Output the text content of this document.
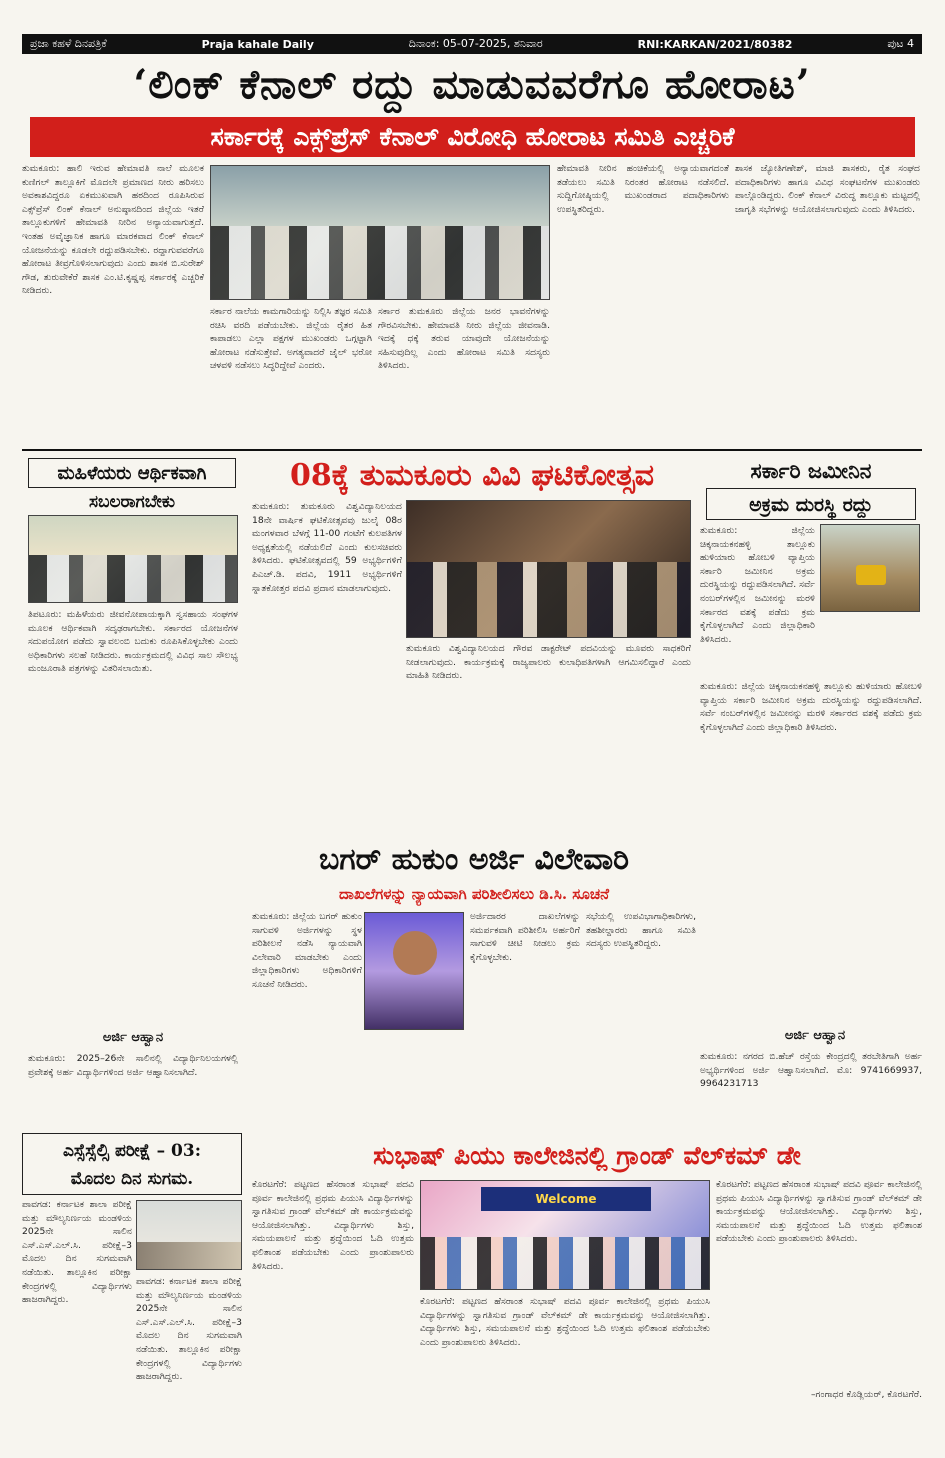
ಪ್ರಜಾ ಕಹಳೆ ದಿನಪತ್ರಿಕೆ	Praja kahale Daily	ದಿನಾಂಕ: 05-07-2025, ಶನಿವಾರ	RNI:KARKAN/2021/80382	ಪುಟ 4
‘ಲಿಂಕ್ ಕೆನಾಲ್ ರದ್ದು ಮಾಡುವವರೆಗೂ ಹೋರಾಟ’
ಸರ್ಕಾರಕ್ಕೆ ಎಕ್ಸ್‌ಪ್ರೆಸ್ ಕೆನಾಲ್ ವಿರೋಧಿ ಹೋರಾಟ ಸಮಿತಿ ಎಚ್ಚರಿಕೆ
ತುಮಕೂರು: ಹಾಲಿ ಇರುವ ಹೇಮಾವತಿ ನಾಲೆ ಮೂಲಕ ಕುಣಿಗಲ್ ತಾಲ್ಲೂಕಿಗೆ ಮೊದಲೇ ಪ್ರಮಾಣದ ನೀರು ಹರಿಸಲು ಅವಕಾಶವಿದ್ದರೂ ಏಕಮುಖವಾಗಿ ಹಠದಿಂದ ರೂಪಿಸಿರುವ ಎಕ್ಸ್‌ಪ್ರೆಸ್ ಲಿಂಕ್ ಕೆನಾಲ್ ಅನುಷ್ಠಾನದಿಂದ ಜಿಲ್ಲೆಯ ಇತರೆ ತಾಲ್ಲೂಕುಗಳಿಗೆ ಹೇಮಾವತಿ ನೀರಿನ ಅನ್ಯಾಯವಾಗುತ್ತದೆ. ಇಂತಹ ಅವೈಜ್ಞಾನಿಕ ಹಾಗೂ ಮಾರಕವಾದ ಲಿಂಕ್ ಕೆನಾಲ್ ಯೋಜನೆಯನ್ನು ಕೂಡಲೇ ರದ್ದುಪಡಿಸಬೇಕು. ರದ್ದಾಗುವವರೆಗೂ ಹೋರಾಟ ತೀವ್ರಗೊಳಿಸಲಾಗುವುದು ಎಂದು ಶಾಸಕ ಬಿ.ಸುರೇಶ್ ಗೌಡ, ತುರುವೇಕೆರೆ ಶಾಸಕ ಎಂ.ಟಿ.ಕೃಷ್ಣಪ್ಪ ಸರ್ಕಾರಕ್ಕೆ ಎಚ್ಚರಿಕೆ ನೀಡಿದರು.
ಸರ್ಕಾರ ನಾಲೆಯ ಕಾಮಗಾರಿಯನ್ನು ನಿಲ್ಲಿಸಿ ತಜ್ಞರ ಸಮಿತಿ ರಚಿಸಿ ವರದಿ ಪಡೆಯಬೇಕು. ಜಿಲ್ಲೆಯ ರೈತರ ಹಿತ ಕಾಪಾಡಲು ಎಲ್ಲಾ ಪಕ್ಷಗಳ ಮುಖಂಡರು ಒಗ್ಗಟ್ಟಾಗಿ ಹೋರಾಟ ನಡೆಸುತ್ತೇವೆ. ಅಗತ್ಯವಾದರೆ ಜೈಲ್ ಭರೋ ಚಳವಳಿ ನಡೆಸಲು ಸಿದ್ಧರಿದ್ದೇವೆ ಎಂದರು.
ಸರ್ಕಾರ ತುಮಕೂರು ಜಿಲ್ಲೆಯ ಜನರ ಭಾವನೆಗಳನ್ನು ಗೌರವಿಸಬೇಕು. ಹೇಮಾವತಿ ನೀರು ಜಿಲ್ಲೆಯ ಜೀವನಾಡಿ. ಇದಕ್ಕೆ ಧಕ್ಕೆ ತರುವ ಯಾವುದೇ ಯೋಜನೆಯನ್ನು ಸಹಿಸುವುದಿಲ್ಲ ಎಂದು ಹೋರಾಟ ಸಮಿತಿ ಸದಸ್ಯರು ತಿಳಿಸಿದರು.
ಹೇಮಾವತಿ ನೀರಿನ ಹಂಚಿಕೆಯಲ್ಲಿ ಅನ್ಯಾಯವಾಗದಂತೆ ತಡೆಯಲು ಸಮಿತಿ ನಿರಂತರ ಹೋರಾಟ ನಡೆಸಲಿದೆ. ಸುದ್ದಿಗೋಷ್ಠಿಯಲ್ಲಿ ಮುಖಂಡರಾದ ಪದಾಧಿಕಾರಿಗಳು ಉಪಸ್ಥಿತರಿದ್ದರು.
ಶಾಸಕ ಜ್ಯೋತಿಗಣೇಶ್, ಮಾಜಿ ಶಾಸಕರು, ರೈತ ಸಂಘದ ಪದಾಧಿಕಾರಿಗಳು ಹಾಗೂ ವಿವಿಧ ಸಂಘಟನೆಗಳ ಮುಖಂಡರು ಪಾಲ್ಗೊಂಡಿದ್ದರು. ಲಿಂಕ್ ಕೆನಾಲ್ ವಿರುದ್ಧ ತಾಲ್ಲೂಕು ಮಟ್ಟದಲ್ಲಿ ಜಾಗೃತಿ ಸಭೆಗಳನ್ನು ಆಯೋಜಿಸಲಾಗುವುದು ಎಂದು ತಿಳಿಸಿದರು.
ಮಹಿಳೆಯರು ಆರ್ಥಿಕವಾಗಿ
ಸಬಲರಾಗಬೇಕು
ತಿಪಟೂರು: ಮಹಿಳೆಯರು ಜೀವನೋಪಾಯಕ್ಕಾಗಿ ಸ್ವಸಹಾಯ ಸಂಘಗಳ ಮೂಲಕ ಆರ್ಥಿಕವಾಗಿ ಸದೃಢರಾಗಬೇಕು. ಸರ್ಕಾರದ ಯೋಜನೆಗಳ ಸದುಪಯೋಗ ಪಡೆದು ಸ್ವಾವಲಂಬಿ ಬದುಕು ರೂಪಿಸಿಕೊಳ್ಳಬೇಕು ಎಂದು ಅಧಿಕಾರಿಗಳು ಸಲಹೆ ನೀಡಿದರು. ಕಾರ್ಯಕ್ರಮದಲ್ಲಿ ವಿವಿಧ ಸಾಲ ಸೌಲಭ್ಯ ಮಂಜೂರಾತಿ ಪತ್ರಗಳನ್ನು ವಿತರಿಸಲಾಯಿತು.
ಅರ್ಜಿ ಆಹ್ವಾನ
ತುಮಕೂರು: 2025–26ನೇ ಸಾಲಿನಲ್ಲಿ ವಿದ್ಯಾರ್ಥಿನಿಲಯಗಳಲ್ಲಿ ಪ್ರವೇಶಕ್ಕೆ ಅರ್ಹ ವಿದ್ಯಾರ್ಥಿಗಳಿಂದ ಅರ್ಜಿ ಆಹ್ವಾನಿಸಲಾಗಿದೆ.
ಎಸ್ಸೆಸ್ಸೆಲ್ಸಿ ಪರೀಕ್ಷೆ – 03:
ಮೊದಲ ದಿನ ಸುಗಮ.
ಪಾವಗಡ: ಕರ್ನಾಟಕ ಶಾಲಾ ಪರೀಕ್ಷೆ ಮತ್ತು ಮೌಲ್ಯನಿರ್ಣಯ ಮಂಡಳಿಯ 2025ನೇ ಸಾಲಿನ ಎಸ್.ಎಸ್.ಎಲ್.ಸಿ. ಪರೀಕ್ಷೆ–3 ಮೊದಲ ದಿನ ಸುಗಮವಾಗಿ ನಡೆಯಿತು. ತಾಲ್ಲೂಕಿನ ಪರೀಕ್ಷಾ ಕೇಂದ್ರಗಳಲ್ಲಿ ವಿದ್ಯಾರ್ಥಿಗಳು ಹಾಜರಾಗಿದ್ದರು.
ಪಾವಗಡ: ಕರ್ನಾಟಕ ಶಾಲಾ ಪರೀಕ್ಷೆ ಮತ್ತು ಮೌಲ್ಯನಿರ್ಣಯ ಮಂಡಳಿಯ 2025ನೇ ಸಾಲಿನ ಎಸ್.ಎಸ್.ಎಲ್.ಸಿ. ಪರೀಕ್ಷೆ–3 ಮೊದಲ ದಿನ ಸುಗಮವಾಗಿ ನಡೆಯಿತು. ತಾಲ್ಲೂಕಿನ ಪರೀಕ್ಷಾ ಕೇಂದ್ರಗಳಲ್ಲಿ ವಿದ್ಯಾರ್ಥಿಗಳು ಹಾಜರಾಗಿದ್ದರು.
08ಕ್ಕೆ ತುಮಕೂರು ವಿವಿ ಘಟಿಕೋತ್ಸವ
ತುಮಕೂರು: ತುಮಕೂರು ವಿಶ್ವವಿದ್ಯಾನಿಲಯದ 18ನೇ ವಾರ್ಷಿಕ ಘಟಿಕೋತ್ಸವವು ಜುಲೈ 08ರ ಮಂಗಳವಾರ ಬೆಳಗ್ಗೆ 11-00 ಗಂಟೆಗೆ ಕುಲಪತಿಗಳ ಅಧ್ಯಕ್ಷತೆಯಲ್ಲಿ ನಡೆಯಲಿದೆ ಎಂದು ಕುಲಸಚಿವರು ತಿಳಿಸಿದರು. ಘಟಿಕೋತ್ಸವದಲ್ಲಿ 59 ಅಭ್ಯರ್ಥಿಗಳಿಗೆ ಪಿಎಚ್.ಡಿ. ಪದವಿ, 1911 ಅಭ್ಯರ್ಥಿಗಳಿಗೆ ಸ್ನಾತಕೋತ್ತರ ಪದವಿ ಪ್ರದಾನ ಮಾಡಲಾಗುವುದು.
ತುಮಕೂರು ವಿಶ್ವವಿದ್ಯಾನಿಲಯದ ಗೌರವ ಡಾಕ್ಟರೇಟ್ ಪದವಿಯನ್ನು ಮೂವರು ಸಾಧಕರಿಗೆ ನೀಡಲಾಗುವುದು. ಕಾರ್ಯಕ್ರಮಕ್ಕೆ ರಾಜ್ಯಪಾಲರು ಕುಲಾಧಿಪತಿಗಳಾಗಿ ಆಗಮಿಸಲಿದ್ದಾರೆ ಎಂದು ಮಾಹಿತಿ ನೀಡಿದರು.
ಸರ್ಕಾರಿ ಜಮೀನಿನ
ಅಕ್ರಮ ದುರಸ್ಥಿ ರದ್ದು
ತುಮಕೂರು: ಜಿಲ್ಲೆಯ ಚಿಕ್ಕನಾಯಕನಹಳ್ಳಿ ತಾಲ್ಲೂಕು ಹುಳಿಯಾರು ಹೋಬಳಿ ವ್ಯಾಪ್ತಿಯ ಸರ್ಕಾರಿ ಜಮೀನಿನ ಅಕ್ರಮ ದುರಸ್ಥಿಯನ್ನು ರದ್ದುಪಡಿಸಲಾಗಿದೆ. ಸರ್ವೆ ನಂಬರ್‌ಗಳಲ್ಲಿನ ಜಮೀನನ್ನು ಮರಳಿ ಸರ್ಕಾರದ ವಶಕ್ಕೆ ಪಡೆದು ಕ್ರಮ ಕೈಗೊಳ್ಳಲಾಗಿದೆ ಎಂದು ಜಿಲ್ಲಾಧಿಕಾರಿ ತಿಳಿಸಿದರು.
ತುಮಕೂರು: ಜಿಲ್ಲೆಯ ಚಿಕ್ಕನಾಯಕನಹಳ್ಳಿ ತಾಲ್ಲೂಕು ಹುಳಿಯಾರು ಹೋಬಳಿ ವ್ಯಾಪ್ತಿಯ ಸರ್ಕಾರಿ ಜಮೀನಿನ ಅಕ್ರಮ ದುರಸ್ಥಿಯನ್ನು ರದ್ದುಪಡಿಸಲಾಗಿದೆ. ಸರ್ವೆ ನಂಬರ್‌ಗಳಲ್ಲಿನ ಜಮೀನನ್ನು ಮರಳಿ ಸರ್ಕಾರದ ವಶಕ್ಕೆ ಪಡೆದು ಕ್ರಮ ಕೈಗೊಳ್ಳಲಾಗಿದೆ ಎಂದು ಜಿಲ್ಲಾಧಿಕಾರಿ ತಿಳಿಸಿದರು.
ಅರ್ಜಿ ಆಹ್ವಾನ
ತುಮಕೂರು: ನಗರದ ಬಿ.ಹೆಚ್ ರಸ್ತೆಯ ಕೇಂದ್ರದಲ್ಲಿ ತರಬೇತಿಗಾಗಿ ಅರ್ಹ ಅಭ್ಯರ್ಥಿಗಳಿಂದ ಅರ್ಜಿ ಆಹ್ವಾನಿಸಲಾಗಿದೆ. ಮೊ: 9741669937, 9964231713
ಬಗರ್ ಹುಕುಂ ಅರ್ಜಿ ವಿಲೇವಾರಿ
ದಾಖಲೆಗಳನ್ನು ನ್ಯಾಯವಾಗಿ ಪರಿಶೀಲಿಸಲು ಡಿ.ಸಿ. ಸೂಚನೆ
ತುಮಕೂರು: ಜಿಲ್ಲೆಯ ಬಗರ್ ಹುಕುಂ ಸಾಗುವಳಿ ಅರ್ಜಿಗಳನ್ನು ಸ್ಥಳ ಪರಿಶೀಲನೆ ನಡೆಸಿ ನ್ಯಾಯವಾಗಿ ವಿಲೇವಾರಿ ಮಾಡಬೇಕು ಎಂದು ಜಿಲ್ಲಾಧಿಕಾರಿಗಳು ಅಧಿಕಾರಿಗಳಿಗೆ ಸೂಚನೆ ನೀಡಿದರು.
ಅರ್ಜಿದಾರರ ದಾಖಲೆಗಳನ್ನು ಸಮರ್ಪಕವಾಗಿ ಪರಿಶೀಲಿಸಿ ಅರ್ಹರಿಗೆ ಸಾಗುವಳಿ ಚೀಟಿ ನೀಡಲು ಕ್ರಮ ಕೈಗೊಳ್ಳಬೇಕು.
ಸಭೆಯಲ್ಲಿ ಉಪವಿಭಾಗಾಧಿಕಾರಿಗಳು, ತಹಶೀಲ್ದಾರರು ಹಾಗೂ ಸಮಿತಿ ಸದಸ್ಯರು ಉಪಸ್ಥಿತರಿದ್ದರು.
ಸುಭಾಷ್ ಪಿಯು ಕಾಲೇಜಿನಲ್ಲಿ ಗ್ರಾಂಡ್ ವೆಲ್‌ಕಮ್ ಡೇ
ಕೊರಟಗೆರೆ: ಪಟ್ಟಣದ ಹೆಸರಾಂತ ಸುಭಾಷ್ ಪದವಿ ಪೂರ್ವ ಕಾಲೇಜಿನಲ್ಲಿ ಪ್ರಥಮ ಪಿಯುಸಿ ವಿದ್ಯಾರ್ಥಿಗಳನ್ನು ಸ್ವಾಗತಿಸುವ ಗ್ರಾಂಡ್ ವೆಲ್‌ಕಮ್ ಡೇ ಕಾರ್ಯಕ್ರಮವನ್ನು ಆಯೋಜಿಸಲಾಗಿತ್ತು. ವಿದ್ಯಾರ್ಥಿಗಳು ಶಿಸ್ತು, ಸಮಯಪಾಲನೆ ಮತ್ತು ಶ್ರದ್ಧೆಯಿಂದ ಓದಿ ಉತ್ತಮ ಫಲಿತಾಂಶ ಪಡೆಯಬೇಕು ಎಂದು ಪ್ರಾಂಶುಪಾಲರು ತಿಳಿಸಿದರು.
Welcome
ಕೊರಟಗೆರೆ: ಪಟ್ಟಣದ ಹೆಸರಾಂತ ಸುಭಾಷ್ ಪದವಿ ಪೂರ್ವ ಕಾಲೇಜಿನಲ್ಲಿ ಪ್ರಥಮ ಪಿಯುಸಿ ವಿದ್ಯಾರ್ಥಿಗಳನ್ನು ಸ್ವಾಗತಿಸುವ ಗ್ರಾಂಡ್ ವೆಲ್‌ಕಮ್ ಡೇ ಕಾರ್ಯಕ್ರಮವನ್ನು ಆಯೋಜಿಸಲಾಗಿತ್ತು. ವಿದ್ಯಾರ್ಥಿಗಳು ಶಿಸ್ತು, ಸಮಯಪಾಲನೆ ಮತ್ತು ಶ್ರದ್ಧೆಯಿಂದ ಓದಿ ಉತ್ತಮ ಫಲಿತಾಂಶ ಪಡೆಯಬೇಕು ಎಂದು ಪ್ರಾಂಶುಪಾಲರು ತಿಳಿಸಿದರು.
ಕೊರಟಗೆರೆ: ಪಟ್ಟಣದ ಹೆಸರಾಂತ ಸುಭಾಷ್ ಪದವಿ ಪೂರ್ವ ಕಾಲೇಜಿನಲ್ಲಿ ಪ್ರಥಮ ಪಿಯುಸಿ ವಿದ್ಯಾರ್ಥಿಗಳನ್ನು ಸ್ವಾಗತಿಸುವ ಗ್ರಾಂಡ್ ವೆಲ್‌ಕಮ್ ಡೇ ಕಾರ್ಯಕ್ರಮವನ್ನು ಆಯೋಜಿಸಲಾಗಿತ್ತು. ವಿದ್ಯಾರ್ಥಿಗಳು ಶಿಸ್ತು, ಸಮಯಪಾಲನೆ ಮತ್ತು ಶ್ರದ್ಧೆಯಿಂದ ಓದಿ ಉತ್ತಮ ಫಲಿತಾಂಶ ಪಡೆಯಬೇಕು ಎಂದು ಪ್ರಾಂಶುಪಾಲರು ತಿಳಿಸಿದರು.
–ಗಂಗಾಧರ ಕೊಡ್ಲಿಯರ್, ಕೊರಟಗೆರೆ.
